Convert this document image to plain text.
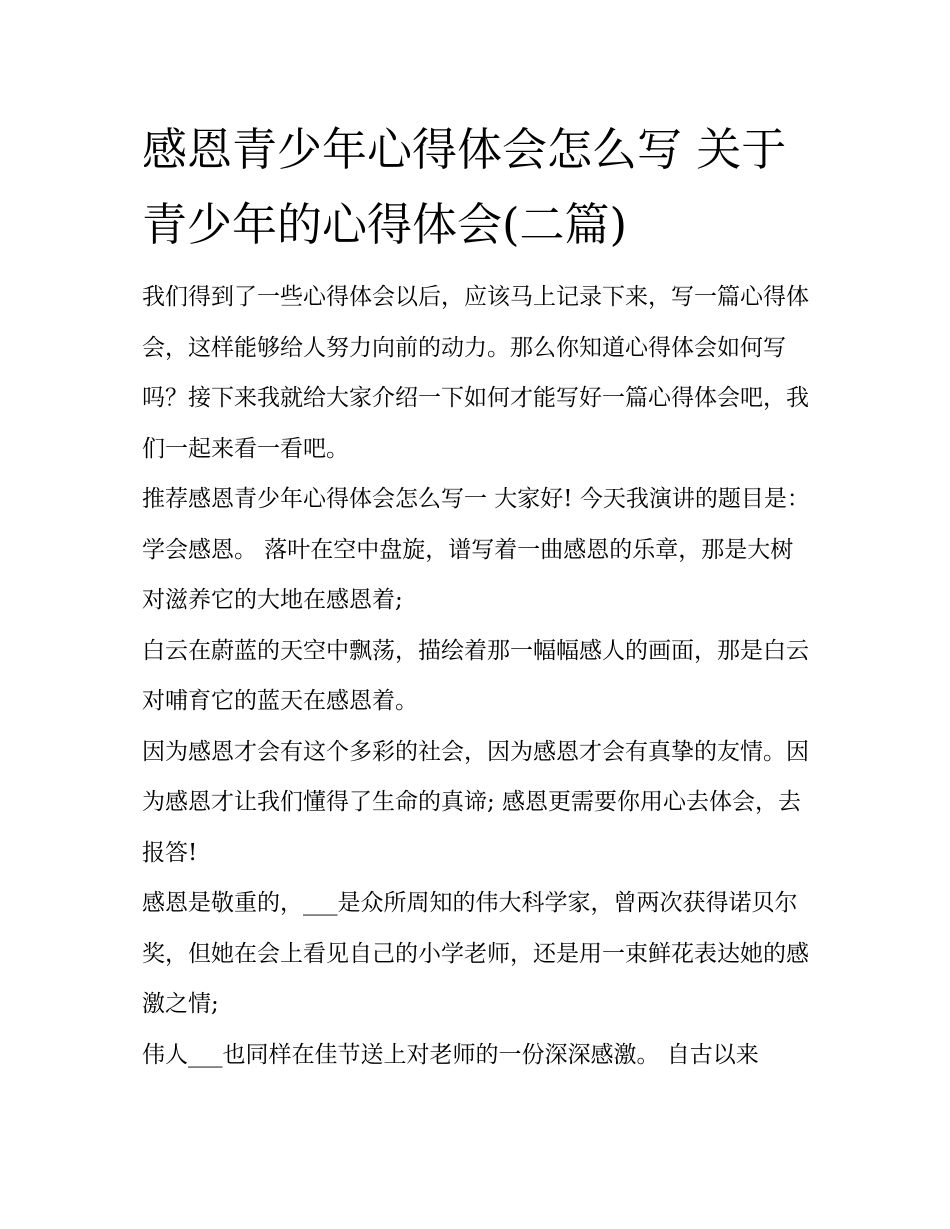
感恩青少年心得体会怎么写 关于青少年的心得体会(二篇)

我们得到了一些心得体会以后，应该马上记录下来，写一篇心得体会，这样能够给人努力向前的动力。那么你知道心得体会如何写吗？接下来我就给大家介绍一下如何才能写好一篇心得体会吧，我们一起来看一看吧。

推荐感恩青少年心得体会怎么写一 大家好! 今天我演讲的题目是：学会感恩。 落叶在空中盘旋，谱写着一曲感恩的乐章，那是大树对滋养它的大地在感恩着;

白云在蔚蓝的天空中飘荡，描绘着那一幅幅感人的画面，那是白云对哺育它的蓝天在感恩着。

因为感恩才会有这个多彩的社会，因为感恩才会有真挚的友情。因为感恩才让我们懂得了生命的真谛; 感恩更需要你用心去体会，去报答!

感恩是敬重的，___是众所周知的伟大科学家，曾两次获得诺贝尔奖，但她在会上看见自己的小学老师，还是用一束鲜花表达她的感激之情;

伟人___也同样在佳节送上对老师的一份深深感激。 自古以来
